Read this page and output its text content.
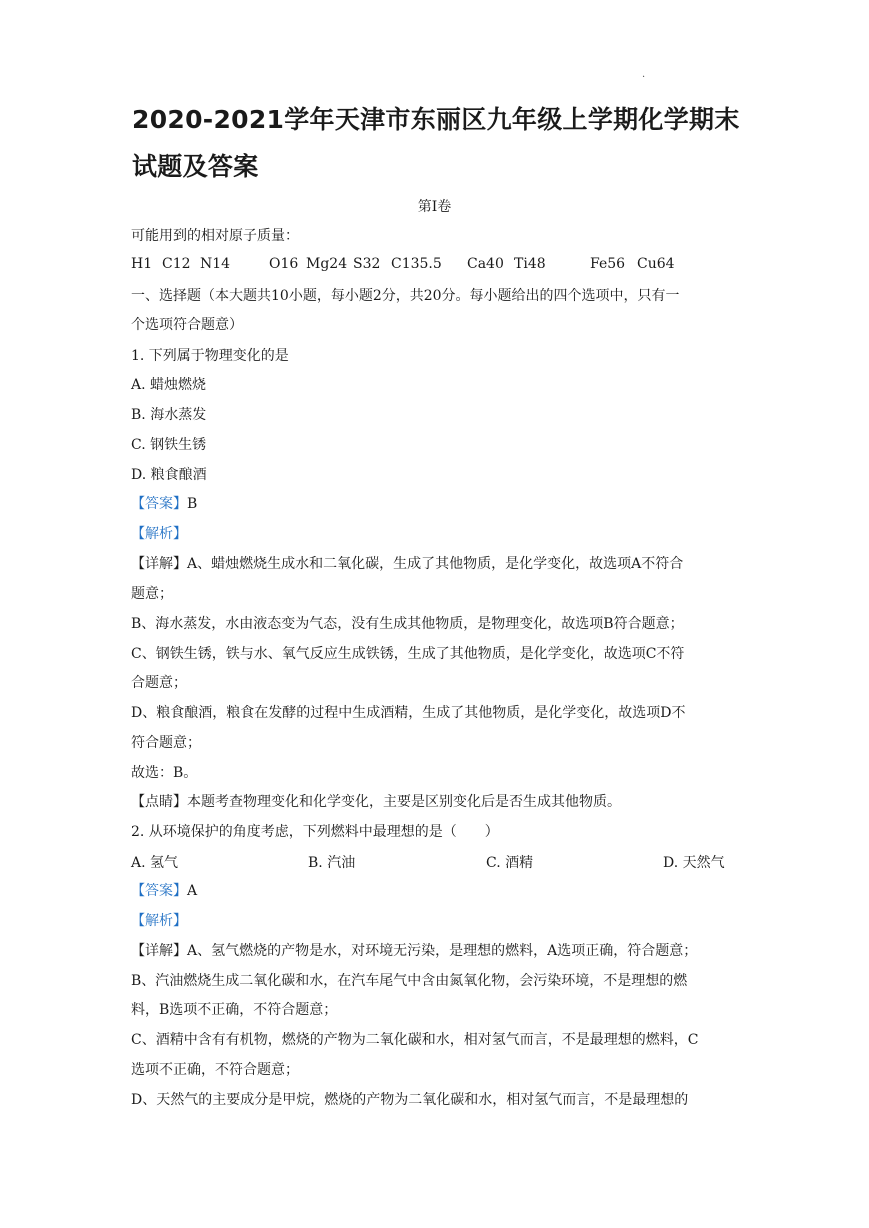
·
2020-2021学年天津市东丽区九年级上学期化学期末试题及答案
第Ⅰ卷
可能用到的相对原子质量：
H1 C12 N14	O16 Mg24 S32 C135.5 Ca40 Ti48	Fe56 Cu64
一、选择题（本大题共10小题，每小题2分，共20分。每小题给出的四个选项中，只有一
个选项符合题意）
1. 下列属于物理变化的是
A. 蜡烛燃烧
B. 海水蒸发
C. 钢铁生锈
D. 粮食酿酒
【答案】B
【解析】
【详解】A、蜡烛燃烧生成水和二氧化碳，生成了其他物质，是化学变化，故选项A不符合
题意；
B、海水蒸发，水由液态变为气态，没有生成其他物质，是物理变化，故选项B符合题意；
C、钢铁生锈，铁与水、氧气反应生成铁锈，生成了其他物质，是化学变化，故选项C不符
合题意；
D、粮食酿酒，粮食在发酵的过程中生成酒精，生成了其他物质，是化学变化，故选项D不
符合题意；
故选：B。
【点睛】本题考查物理变化和化学变化，主要是区别变化后是否生成其他物质。
2. 从环境保护的角度考虑，下列燃料中最理想的是（　　）
A. 氢气	B. 汽油	C. 酒精	D. 天然气
【答案】A
【解析】
【详解】A、氢气燃烧的产物是水，对环境无污染，是理想的燃料，A选项正确，符合题意；
B、汽油燃烧生成二氧化碳和水，在汽车尾气中含由氮氧化物，会污染环境，不是理想的燃
料，B选项不正确，不符合题意；
C、酒精中含有有机物，燃烧的产物为二氧化碳和水，相对氢气而言，不是最理想的燃料，C
选项不正确，不符合题意；
D、天然气的主要成分是甲烷，燃烧的产物为二氧化碳和水，相对氢气而言，不是最理想的
